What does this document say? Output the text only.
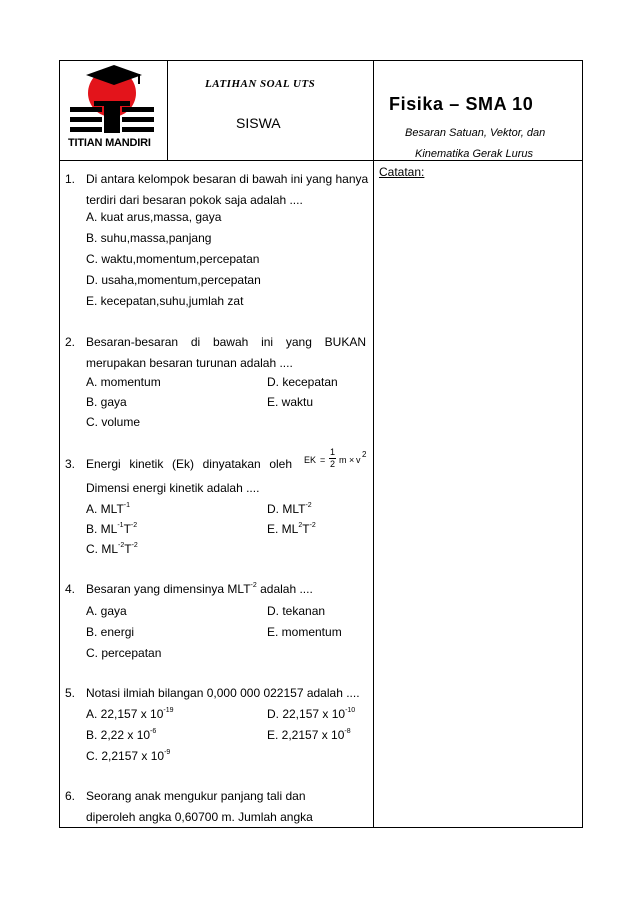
TITIAN MANDIRI
LATIHAN SOAL UTS
SISWA
Fisika – SMA 10
Besaran Satuan, Vektor, dan
Kinematika Gerak Lurus
Catatan:
1. Di antara kelompok besaran di bawah ini yang hanya
terdiri dari besaran pokok saja adalah ....
A. kuat arus,massa, gaya
B. suhu,massa,panjang
C. waktu,momentum,percepatan
D. usaha,momentum,percepatan
E. kecepatan,suhu,jumlah zat
2. Besaran-besaran di bawah ini yang BUKAN
merupakan besaran turunan adalah ....
A. momentum
B. gaya
C. volume
D. kecepatan
E. waktu
3. Energi kinetik (Ek) dinyatakan oleh EK =
1
2 m × v
2
Dimensi energi kinetik adalah ....
A. $MLT^{-1}$
B. $ML^{-1}T^{-2}$
C. $ML^{-2}T^{-2}$
D. $MLT^{-2}$
E. $ML^2T^{-2}$
4. Besaran yang dimensinya $MLT^{-2}$ adalah ....
A. gaya
B. energi
C. percepatan
D. tekanan
E. momentum
5. Notasi ilmiah bilangan 0,000 000 022157 adalah ....
A. 22,157 x $10^{-19}$
B. 2,22 x $10^{-6}$
C. 2,2157 x $10^{-9}$
D. 22,157 x $10^{-10}$
E. 2,2157 x $10^{-8}$
6. Seorang anak mengukur panjang tali dan
diperoleh angka 0,60700 m. Jumlah angka
